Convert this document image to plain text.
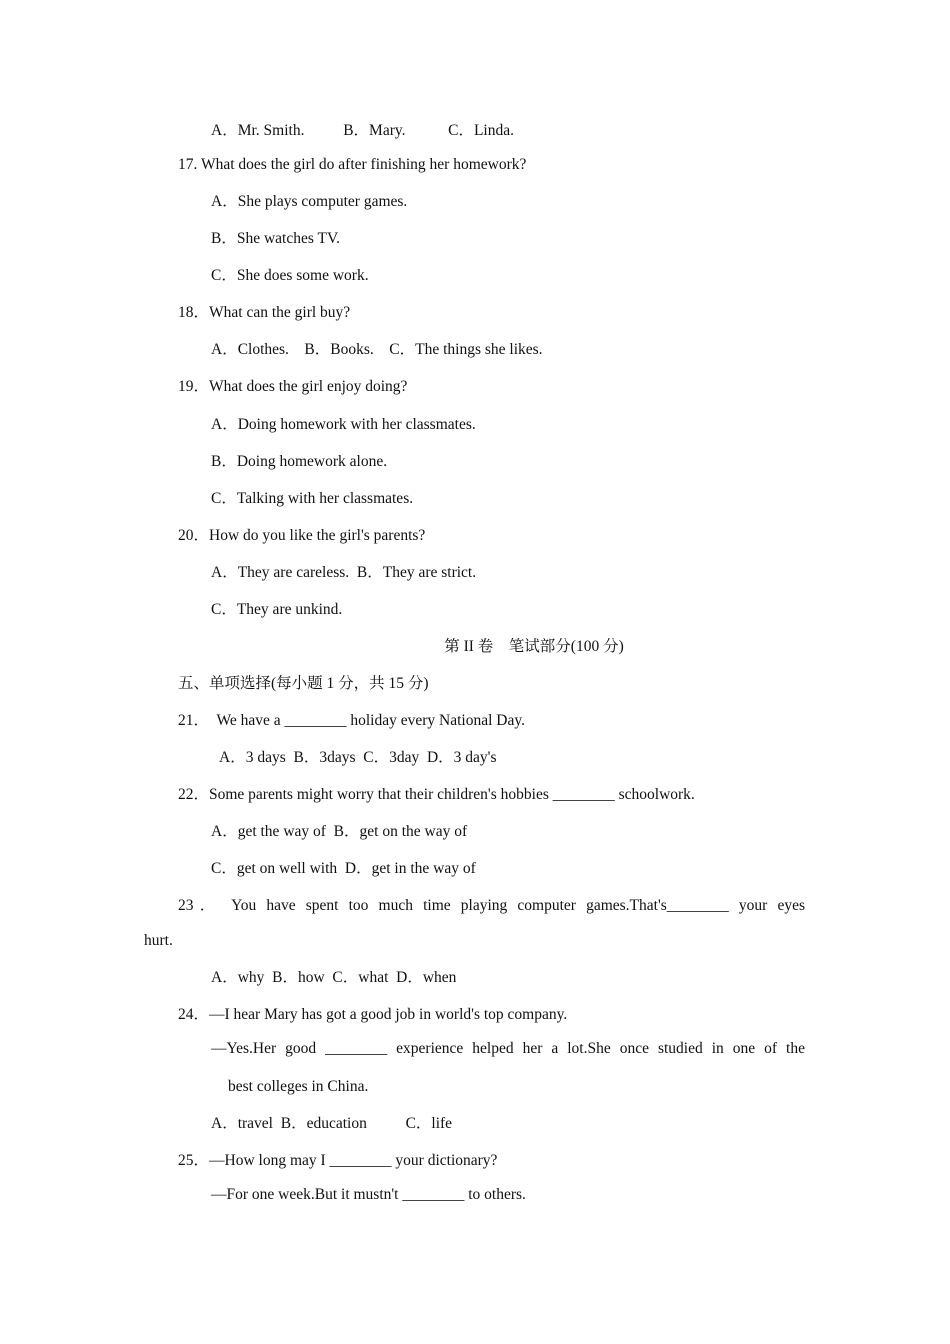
A．Mr. Smith.          B．Mary.           C．Linda.
17. What does the girl do after finishing her homework?
A．She plays computer games.
B．She watches TV.
C．She does some work.
18．What can the girl buy?
A．Clothes.    B．Books.    C．The things she likes.
19．What does the girl enjoy doing?
A．Doing homework with her classmates.
B．Doing homework alone.
C．Talking with her classmates.
20．How do you like the girl's parents?
A．They are careless.  B．They are strict.
C．They are unkind.
第 II 卷    笔试部分(100 分)
五、单项选择(每小题 1 分，共 15 分)
21．  We have a ________ holiday every National Day.
A．3 days  B．3days  C．3day  D．3 day's
22．Some parents might worry that their children's hobbies ________ schoolwork.
A．get the way of  B．get on the way of
C．get on well with  D．get in the way of
23． You have spent too much time playing computer games.That's________ your eyes
hurt.
A．why  B．how  C．what  D．when
24．—I hear Mary has got a good job in world's top company.
—Yes.Her good ________ experience helped her a lot.She once studied in one of the
best colleges in China.
A．travel  B．education          C．life
25．—How long may I ________ your dictionary?
—For one week.But it mustn't ________ to others.
